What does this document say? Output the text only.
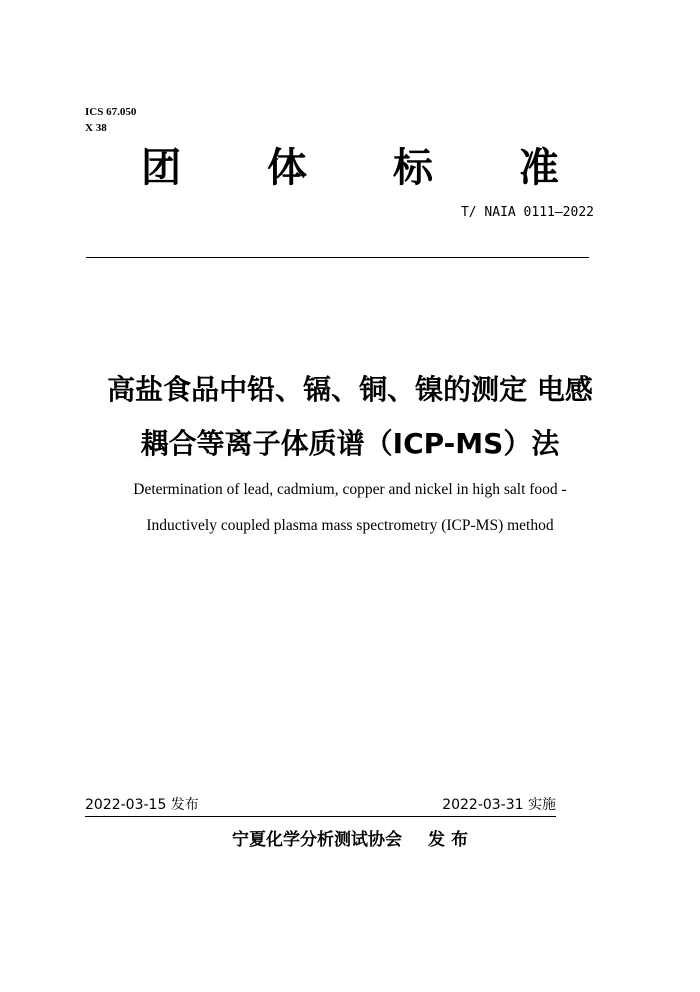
ICS 67.050
X 38
团 体 标 准
T/ NAIA 0111—2022
高盐食品中铅、镉、铜、镍的测定 电感
耦合等离子体质谱（ICP-MS）法
Determination of lead, cadmium, copper and nickel in high salt food -
Inductively coupled plasma mass spectrometry (ICP-MS) method
2022-03-15 发布	2022-03-31 实施
宁夏化学分析测试协会 发 布
